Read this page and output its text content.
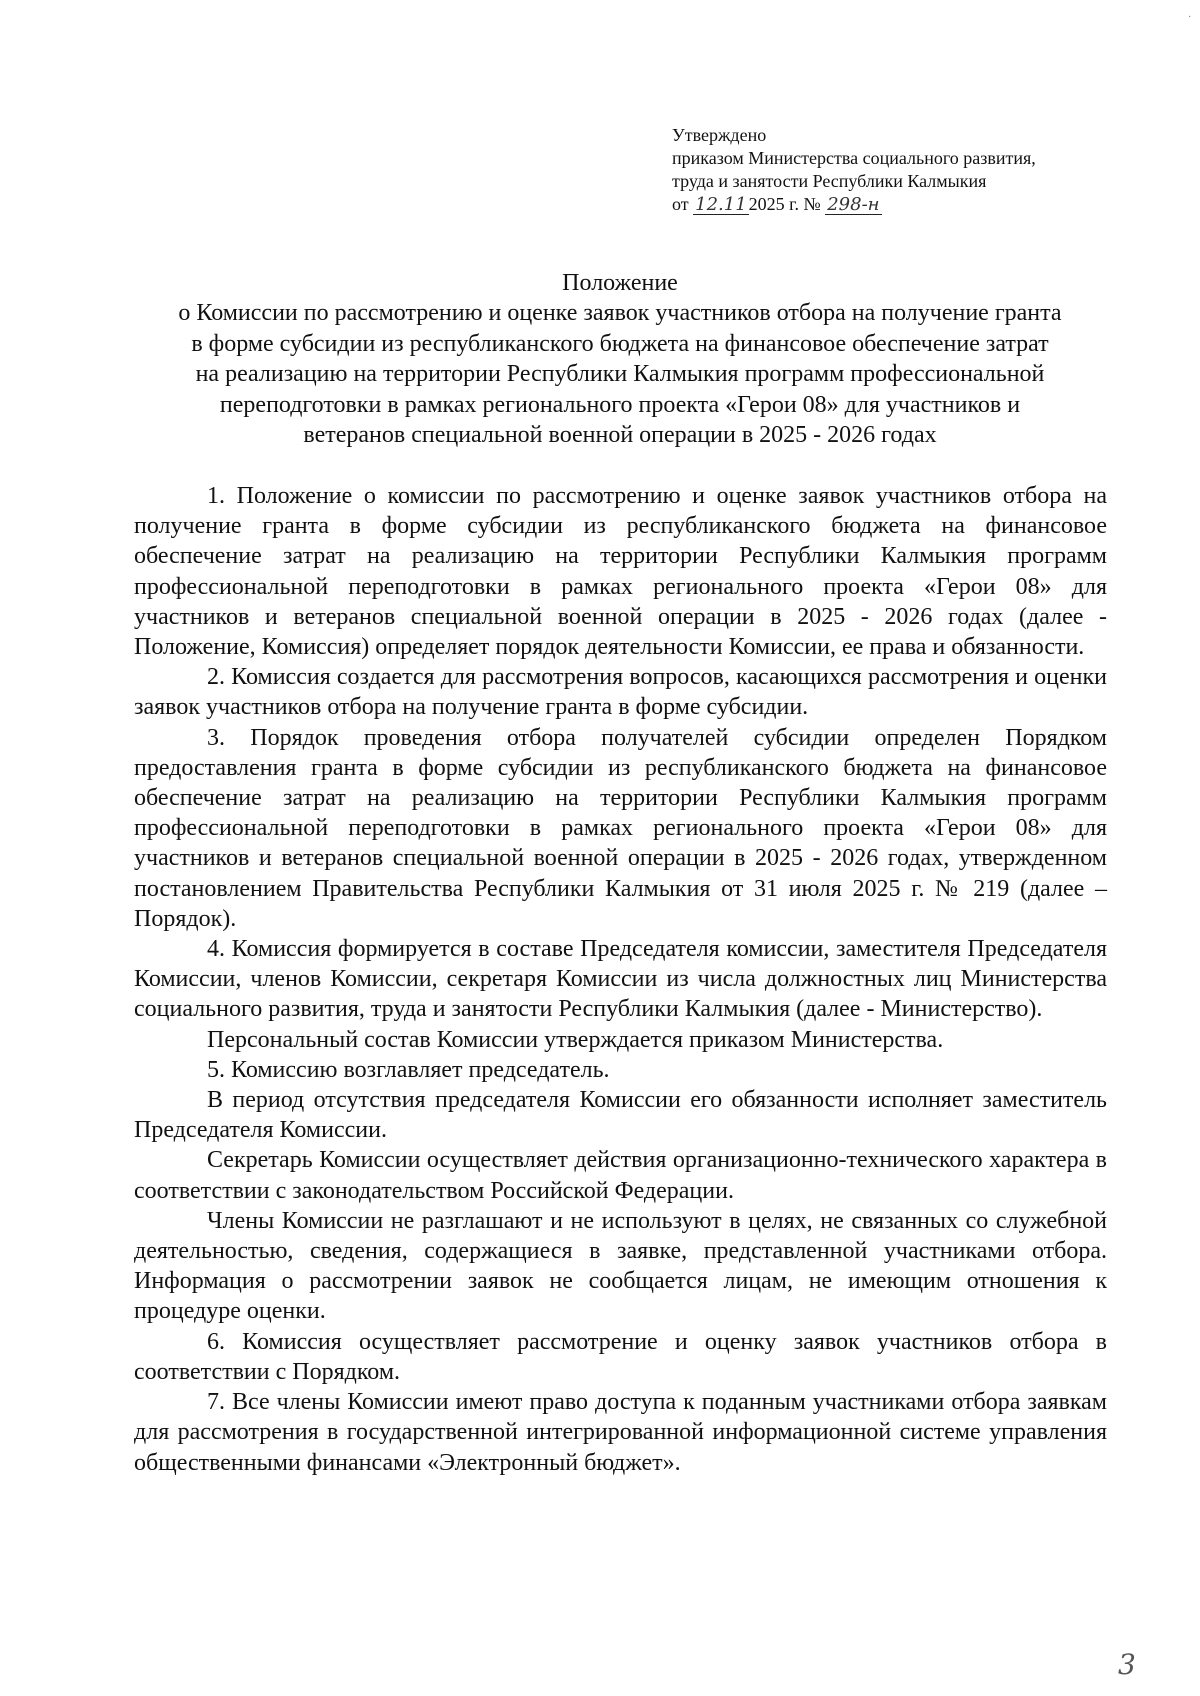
·
Утверждено
приказом Министерства социального развития,
труда и занятости Республики Калмыкия
от 12.11 2025 г. № 298-н
Положение
о Комиссии по рассмотрению и оценке заявок участников отбора на получение гранта
в форме субсидии из республиканского бюджета на финансовое обеспечение затрат
на реализацию на территории Республики Калмыкия программ профессиональной
переподготовки в рамках регионального проекта «Герои 08» для участников и
ветеранов специальной военной операции в 2025 - 2026 годах

1. Положение о комиссии по рассмотрению и оценке заявок участников отбора на получение гранта в форме субсидии из республиканского бюджета на финансовое обеспечение затрат на реализацию на территории Республики Калмыкия программ профессиональной переподготовки в рамках регионального проекта «Герои 08» для участников и ветеранов специальной военной операции в 2025 - 2026 годах (далее - Положение, Комиссия) определяет порядок деятельности Комиссии, ее права и обязанности.

2. Комиссия создается для рассмотрения вопросов, касающихся рассмотрения и оценки заявок участников отбора на получение гранта в форме субсидии.

3. Порядок проведения отбора получателей субсидии определен Порядком предоставления гранта в форме субсидии из республиканского бюджета на финансовое обеспечение затрат на реализацию на территории Республики Калмыкия программ профессиональной переподготовки в рамках регионального проекта «Герои 08» для участников и ветеранов специальной военной операции в 2025 - 2026 годах, утвержденном постановлением Правительства Республики Калмыкия от 31 июля 2025 г. № 219 (далее – Порядок).

4. Комиссия формируется в составе Председателя комиссии, заместителя Председателя Комиссии, членов Комиссии, секретаря Комиссии из числа должностных лиц Министерства социального развития, труда и занятости Республики Калмыкия (далее - Министерство).

Персональный состав Комиссии утверждается приказом Министерства.

5. Комиссию возглавляет председатель.

В период отсутствия председателя Комиссии его обязанности исполняет заместитель Председателя Комиссии.

Секретарь Комиссии осуществляет действия организационно-технического характера в соответствии с законодательством Российской Федерации.

Члены Комиссии не разглашают и не используют в целях, не связанных со служебной деятельностью, сведения, содержащиеся в заявке, представленной участниками отбора. Информация о рассмотрении заявок не сообщается лицам, не имеющим отношения к процедуре оценки.

6. Комиссия осуществляет рассмотрение и оценку заявок участников отбора в соответствии с Порядком.

7. Все члены Комиссии имеют право доступа к поданным участниками отбора заявкам для рассмотрения в государственной интегрированной информационной системе управления общественными финансами «Электронный бюджет».

3
